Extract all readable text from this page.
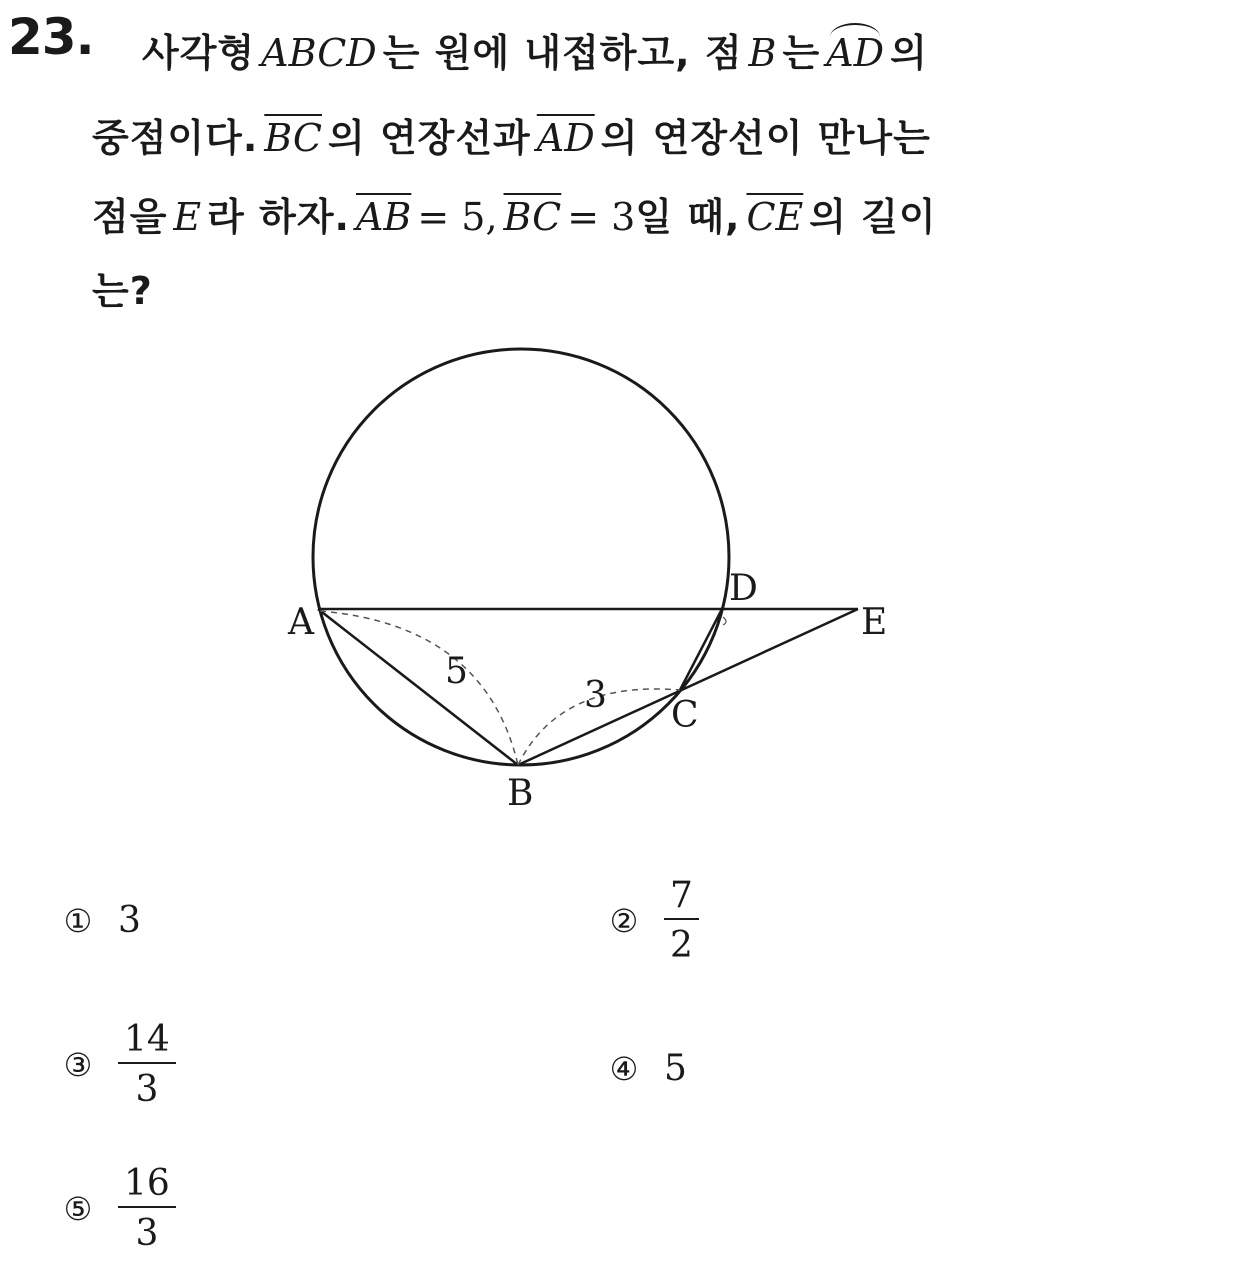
23. 사각형 ABCD 는 원에 내접하고, 점 B 는 AD 의
중점이다. $\overline{BC}$ 의 연장선과 $\overline{AD}$ 의 연장선이 만나는
점을 E 라 하자. $\overline{AB} = 5$, $\overline{BC} = 3$일 때, $\overline{CE}$ 의 길이
는?
A
B
C
D
E
5
3
① 3	② $\frac{7}{2}$
③ $\frac{14}{3}$	④ 5
⑤ $\frac{16}{3}$
